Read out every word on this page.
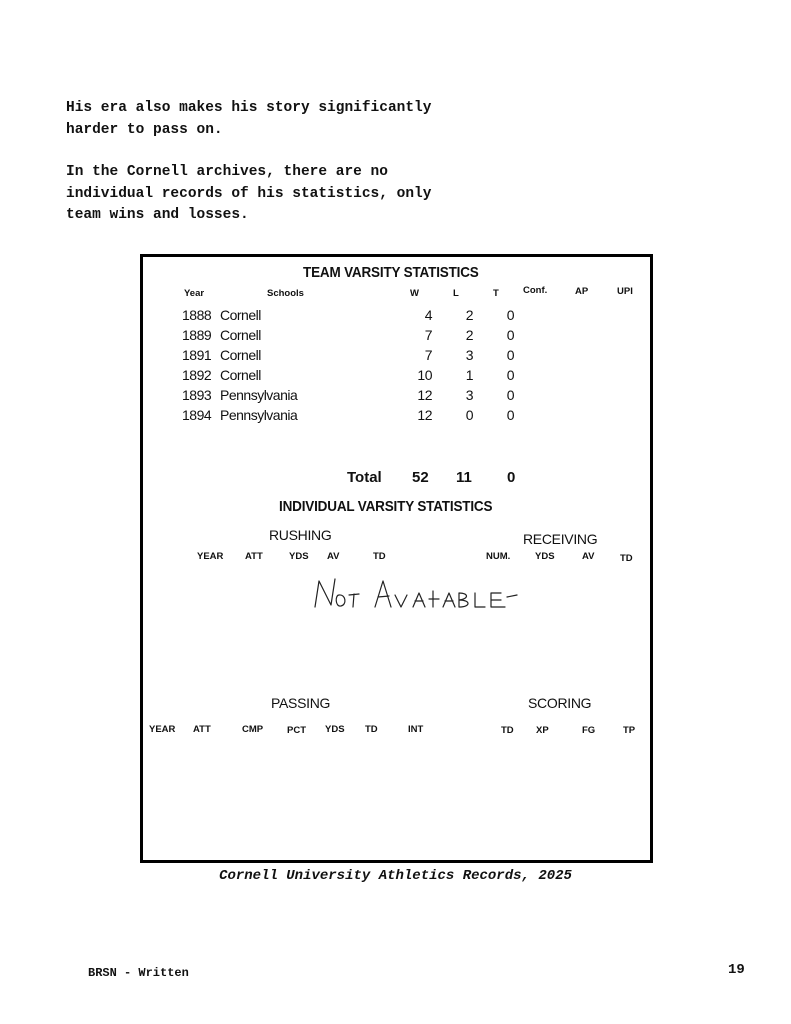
His era also makes his story significantly
harder to pass on.

In the Cornell archives, there are no
individual records of his statistics, only
team wins and losses.

TEAM VARSITY STATISTICS
Year	Schools	W	L	T	Conf.	AP	UPI
1888 Cornell	4	2	0
1889 Cornell	7	2	0
1891 Cornell	7	3	0
1892 Cornell	10	1	0
1893 Pennsylvania	12	3	0
1894 Pennsylvania	12	0	0
Total 52 11 0
INDIVIDUAL VARSITY STATISTICS
RUSHING
YEAR ATT	YDS AV	TD
RECEIVING
NUM.	YDS	AV	TD
PASSING
YEAR ATT	CMP	PCT YDS TD	INT
SCORING
TD XP	FG	TP
Cornell University Athletics Records, 2025
BRSN - Written	19
